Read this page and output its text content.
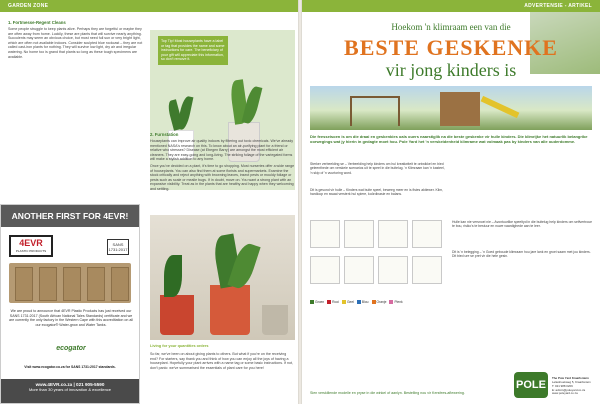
GARDEN ZONE
1. Fortmesse-Regent Cleans
Some people struggle to keep plants alive. Perhaps they are forgetful or maybe they are often away from home. Luckily, these are plants that will survive nearly anything. Succulents may seem an obvious choice, but most need full sun or very bright light, which are often not available indoors. Consider sculpted blue rockcast – they are not called cast-iron plants for nothing. They will survive low light, dry air and irregular watering. No home too is grand that plants so long as these tough specimens are available.
Top Tip! Most houseplants have a label or tag that provides the name and some instructions for care. The beneficiary of your gift will appreciate this information, so don't remove it.
2. Furnstation
Houseplants can improve air quality indoors by filtering out toxic chemicals. We've already mentioned NASA's research on this. To know about an air-purifying plant for a friend or relative who stresses? Disease (at Ebegen Barry) are amongst the most efficient air cleaners. They are easy-going and long-living. The striking foliage of the variegated forms will make a stylish addition to any home.
Once you've decided on a plant, it's time to go shopping. Most nurseries offer a wide range of houseplants. You can also find them at some florists and supermarkets. Examine the stock critically and reject anything with browning leaves, insect pests or mouldy foliage or pests such as scale or mealie bugs. If in doubt, move on. You want a strong plant with an expansive visibility. Treat as in the plants that are healthy and happy when they welcoming and settling.
Living for your quantities orders
So far, we've been on about giving plants to others. But what if you're on the receiving end? For starters, say thank you and think of how you can enjoy all the joys of having a houseplant. Hopefully your plant arrives with a name tag or some basic instructions. If not, don't panic: we've summarised the essentials of plant care for you here!
ANOTHER FIRST FOR 4EVR!
4EVR
PLASTIC PRODUCTS
SANS 1731:2017
We are proud to announce that 4EVR Plastic Products has just received our SANS 1731:2017 (South African National Tales Standards) certificate and we are currently the only factory in the Western Cape with this accreditation on all our ecogator® Water-grow and Water Tanks.
ecogator
Visit www.ecogator.co.za for SANS 1731:2017 standards.
www.4EVR.co.za | 021 905-5590
More than 30 years of innovation & excellence
ADVERTENSIE - ARTIKEL
Hoekom 'n klimraam een van die
BESTE GESKENKE
vir jong kinders is
Die feesseisoen is om die draai en geskenkies oals ouers naarstiglik na die beste geskenke vir hulle kinders. Die klimrijke het natuurlik belangrike oorwegings wat jy hierin in gedagte moet hou. Pole Yard het 'n verskeidenheid klimrame wat volmaak pas by kinders van alle ouderdomme.
Sterker verbeelding se – Verbeelding help kinders om hul kreatiwiteit te ontwikkel en bied geleenthede om verskeie scenarios uit te speel in die buitelug. 'n Klimraam kan 'n kasteel, 'n skip of 'n vuurtoring word.
Dit is gesond vir hulle – Kinders wat buite speel, beweeg meer en is fisies aktiewer. Klim, hardloop en swaai versterk hul spiere, koördinasie en balans.
Hulle kan nie versnoei nie – Avontuurlike speeltyd in die buitelug help kinders om selfvertroue te bou, risiko's te bestuur en nuwe vaardighede aan te leer.
Dit is 'n belegging – 'n Goed geboude klimraam hou jare lank en groei saam met jou kinders. Dit bied ure se pret vir die hele gesin.
Groen Rooi Geel Blou Oranje Pienk
Sien verskillende modelle en pryse in die winkel of aanlyn. Bestelling nou vir Kersfees-aflewering.
POLE
The Pole Yard Kraaifontein
Lelieshoekweg 5, Kraaifontein
T: 021 988 0209
E: admin@poleyard.co.za
www.poleyard.co.za
